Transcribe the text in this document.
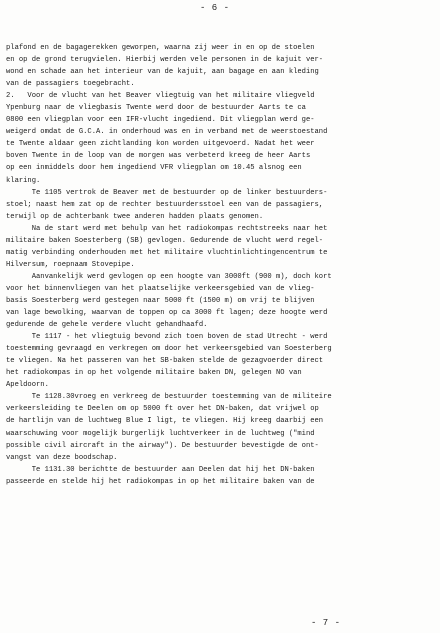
- 6 -
plafond en de bagagerekken geworpen, waarna zij weer in en op de stoelen
en op de grond terugvielen. Hierbij werden vele personen in de kajuit ver-
wond en schade aan het interieur van de kajuit, aan bagage en aan kleding
van de passagiers toegebracht.
2.   Voor de vlucht van het Beaver vliegtuig van het militaire vliegveld
Ypenburg naar de vliegbasis Twente werd door de bestuurder Aarts te ca
0800 een vliegplan voor een IFR-vlucht ingediend. Dit vliegplan werd ge-
weigerd omdat de G.C.A. in onderhoud was en in verband met de weerstoestand
te Twente aldaar geen zichtlanding kon worden uitgevoerd. Nadat het weer
boven Twente in de loop van de morgen was verbeterd kreeg de heer Aarts
op een inmiddels door hem ingediend VFR vliegplan om 10.45 alsnog een
klaring.
Te 1105 vertrok de Beaver met de bestuurder op de linker bestuurders-
stoel; naast hem zat op de rechter bestuurdersstoel een van de passagiers,
terwijl op de achterbank twee anderen hadden plaats genomen.
Na de start werd met behulp van het radiokompas rechtstreeks naar het
militaire baken Soesterberg (SB) gevlogen. Gedurende de vlucht werd regel-
matig verbinding onderhouden met het militaire vluchtinlichtingencentrum te
Hilversum, roepnaam Stovepipe.
Aanvankelijk werd gevlogen op een hoogte van 3000ft (900 m), doch kort
voor het binnenvliegen van het plaatselijke verkeersgebied van de vlieg-
basis Soesterberg werd gestegen naar 5000 ft (1500 m) om vrij te blijven
van lage bewolking, waarvan de toppen op ca 3000 ft lagen; deze hoogte werd
gedurende de gehele verdere vlucht gehandhaafd.
Te 1117 - het vliegtuig bevond zich toen boven de stad Utrecht - werd
toestemming gevraagd en verkregen om door het verkeersgebied van Soesterberg
te vliegen. Na het passeren van het SB-baken stelde de gezagvoerder direct
het radiokompas in op het volgende militaire baken DN, gelegen NO van
Apeldoorn.
Te 1128.30vroeg en verkreeg de bestuurder toestemming van de militeire
verkeersleiding te Deelen om op 5000 ft over het DN-baken, dat vrijwel op
de hartlijn van de luchtweg Blue I ligt, te vliegen. Hij kreeg daarbij een
waarschuwing voor mogelijk burgerlijk luchtverkeer in de luchtweg ("mind
possible civil aircraft in the airway"). De bestuurder bevestigde de ont-
vangst van deze boodschap.
Te 1131.30 berichtte de bestuurder aan Deelen dat hij het DN-baken
passeerde en stelde hij het radiokompas in op het militaire baken van de
- 7 -
